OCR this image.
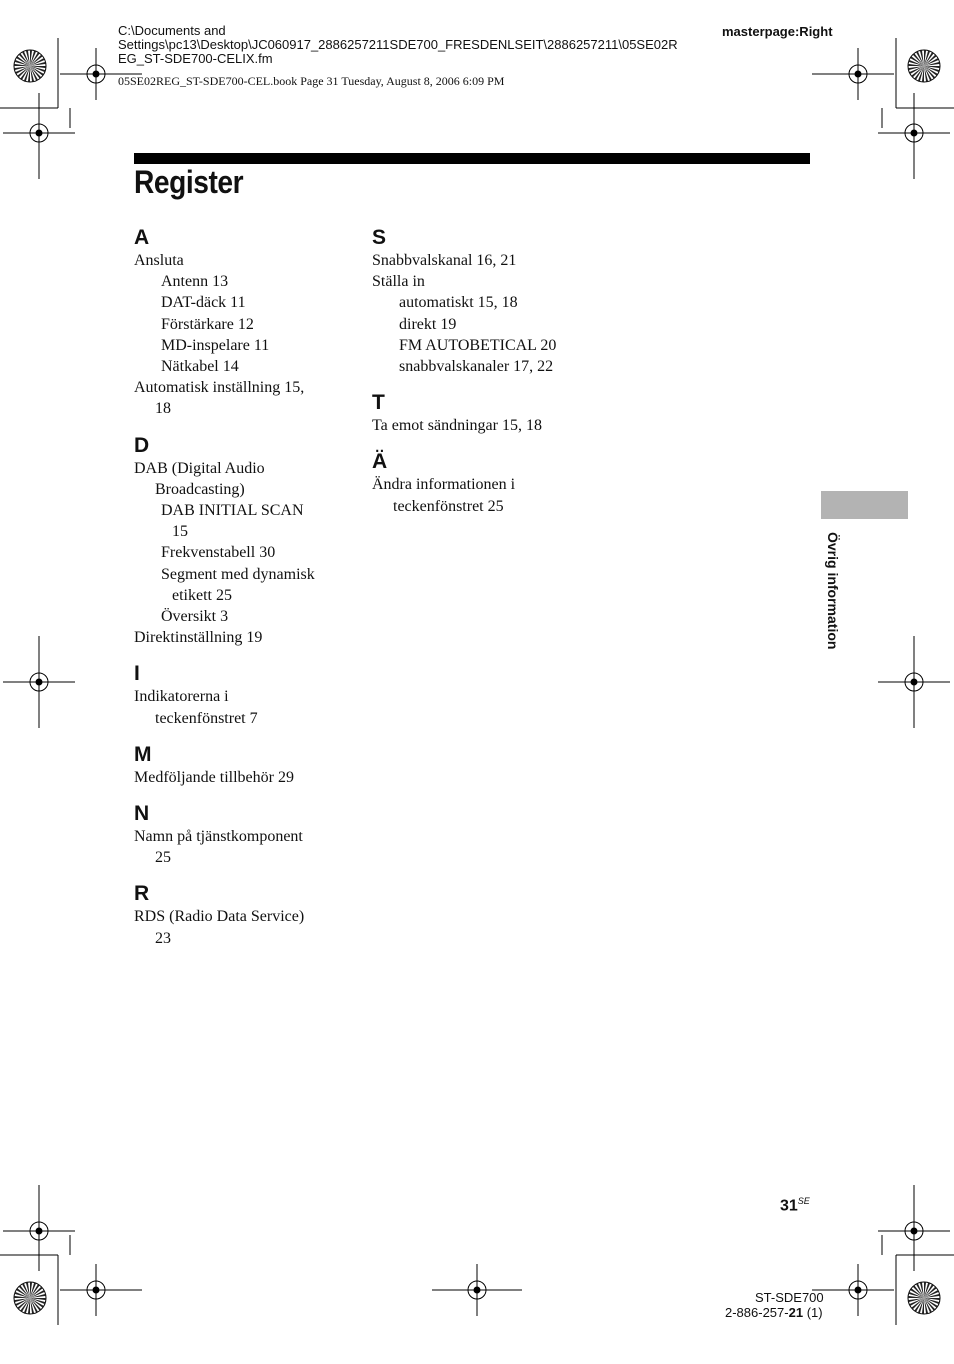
C:\Documents and
Settings\pc13\Desktop\JC060917_2886257211SDE700_FRESDENLSEIT\2886257211\05SE02R
EG_ST-SDE700-CELIX.fm
05SE02REG_ST-SDE700-CEL.book Page 31 Tuesday, August 8, 2006 6:09 PM
masterpage:Right
Register
A
Ansluta
Antenn 13
DAT-däck 11
Förstärkare 12
MD-inspelare 11
Nätkabel 14
Automatisk inställning 15,
18
D
DAB (Digital Audio
Broadcasting)
DAB INITIAL SCAN
15
Frekvenstabell 30
Segment med dynamisk
etikett 25
Översikt 3
Direktinställning 19
I
Indikatorerna i
teckenfönstret 7
M
Medföljande tillbehör 29
N
Namn på tjänstkomponent
25
R
RDS (Radio Data Service)
23
S
Snabbvalskanal 16, 21
Ställa in
automatiskt 15, 18
direkt 19
FM AUTOBETICAL 20
snabbvalskanaler 17, 22
T
Ta emot sändningar 15, 18
Ä
Ändra informationen i
teckenfönstret 25
Övrig information
$31^{SE}$
ST-SDE700
2-886-257-21 (1)
